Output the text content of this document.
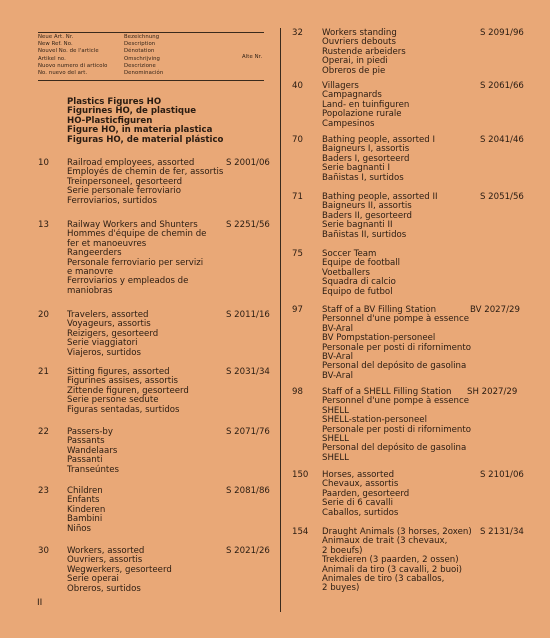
Neue Art. Nr.
New Ref. No.
Nouvel No. de l'article
Artikel no.
Nuovo numero di articolo
No. nuevo del art.
Bezeichnung
Description
Dénotation
Omschrijving
Descrizione
Denominación
Alte Nr.
Plastics Figures HO
Figurines HO, de plastique
HO-Plasticfiguren
Figure HO, in materia plastica
Figuras HO, de material plástico
10 Railroad employees, assorted
Employés de chemin de fer, assortis
Treinpersoneel, gesorteerd
Serie personale ferroviario
Ferroviarios, surtidos
S 2001/06
13 Railway Workers and Shunters
Hommes d'équipe de chemin de
fer et manoeuvres
Rangeerders
Personale ferroviario per servizi
e manovre
Ferroviarios y empleados de
maniobras
S 2251/56
20 Travelers, assorted
Voyageurs, assortis
Reizigers, gesorteerd
Serie viaggiatori
Viajeros, surtidos
S 2011/16
21 Sitting figures, assorted
Figurines assises, assortis
Zittende figuren, gesorteerd
Serie persone sedute
Figuras sentadas, surtidos
S 2031/34
22 Passers-by
Passants
Wandelaars
Passanti
Transeúntes
S 2071/76
23 Children
Enfants
Kinderen
Bambini
Niños
S 2081/86
30 Workers, assorted
Ouvriers, assortis
Wegwerkers, gesorteerd
Serie operai
Obreros, surtidos
S 2021/26
32 Workers standing
Ouvriers debouts
Rustende arbeiders
Operai, in piedi
Obreros de pie
S 2091/96
40 Villagers
Campagnards
Land- en tuinfiguren
Popolazione rurale
Campesinos
S 2061/66
70 Bathing people, assorted I
Baigneurs I, assortis
Baders I, gesorteerd
Serie bagnanti I
Bañistas I, surtidos
S 2041/46
71 Bathing people, assorted II
Baigneurs II, assortis
Baders II, gesorteerd
Serie bagnanti II
Bañistas II, surtidos
S 2051/56
75 Soccer Team
Equipe de football
Voetballers
Squadra di calcio
Equipo de futbol
97 Staff of a BV Filling Station
Personnel d'une pompe à essence
BV-Aral
BV Pompstation-personeel
Personale per posti di rifornimento
BV-Aral
Personal del depósito de gasolina
BV-Aral
BV 2027/29
98 Staff of a SHELL Filling Station
Personnel d'une pompe à essence
SHELL
SHELL-station-personeel
Personale per posti di rifornimento
SHELL
Personal del depósito de gasolina
SHELL
SH 2027/29
150 Horses, assorted
Chevaux, assortis
Paarden, gesorteerd
Serie di 6 cavalli
Caballos, surtidos
S 2101/06
154 Draught Animals (3 horses, 2oxen)
Animaux de trait (3 chevaux,
2 boeufs)
Trekdieren (3 paarden, 2 ossen)
Animali da tiro (3 cavalli, 2 buoi)
Animales de tiro (3 caballos,
2 buyes)
S 2131/34
II
